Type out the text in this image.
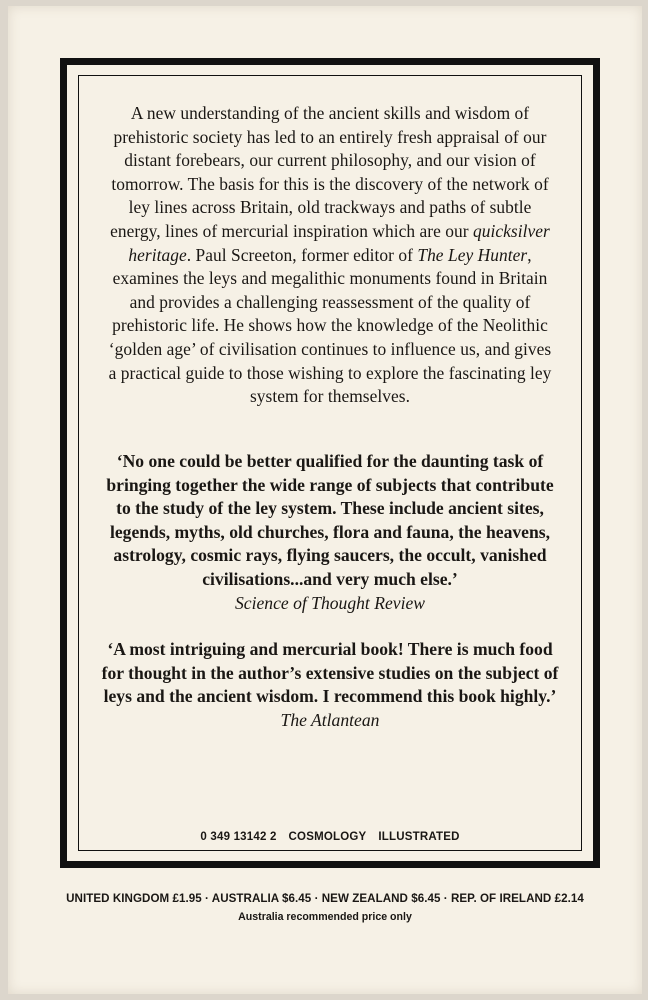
A new understanding of the ancient skills and wisdom of prehistoric society has led to an entirely fresh appraisal of our distant forebears, our current philosophy, and our vision of tomorrow. The basis for this is the discovery of the network of ley lines across Britain, old trackways and paths of subtle energy, lines of mercurial inspiration which are our quicksilver heritage. Paul Screeton, former editor of The Ley Hunter, examines the leys and megalithic monuments found in Britain and provides a challenging reassessment of the quality of prehistoric life. He shows how the knowledge of the Neolithic ‘golden age’ of civilisation continues to influence us, and gives a practical guide to those wishing to explore the fascinating ley system for themselves.

‘No one could be better qualified for the daunting task of bringing together the wide range of subjects that contribute to the study of the ley system. These include ancient sites, legends, myths, old churches, flora and fauna, the heavens, astrology, cosmic rays, flying saucers, the occult, vanished civilisations...and very much else.’
Science of Thought Review

‘A most intriguing and mercurial book! There is much food for thought in the author’s extensive studies on the subject of leys and the ancient wisdom. I recommend this book highly.’
The Atlantean

0 349 13142 2 COSMOLOGY ILLUSTRATED
UNITED KINGDOM £1.95 · AUSTRALIA $6.45 · NEW ZEALAND $6.45 · REP. OF IRELAND £2.14
Australia recommended price only
